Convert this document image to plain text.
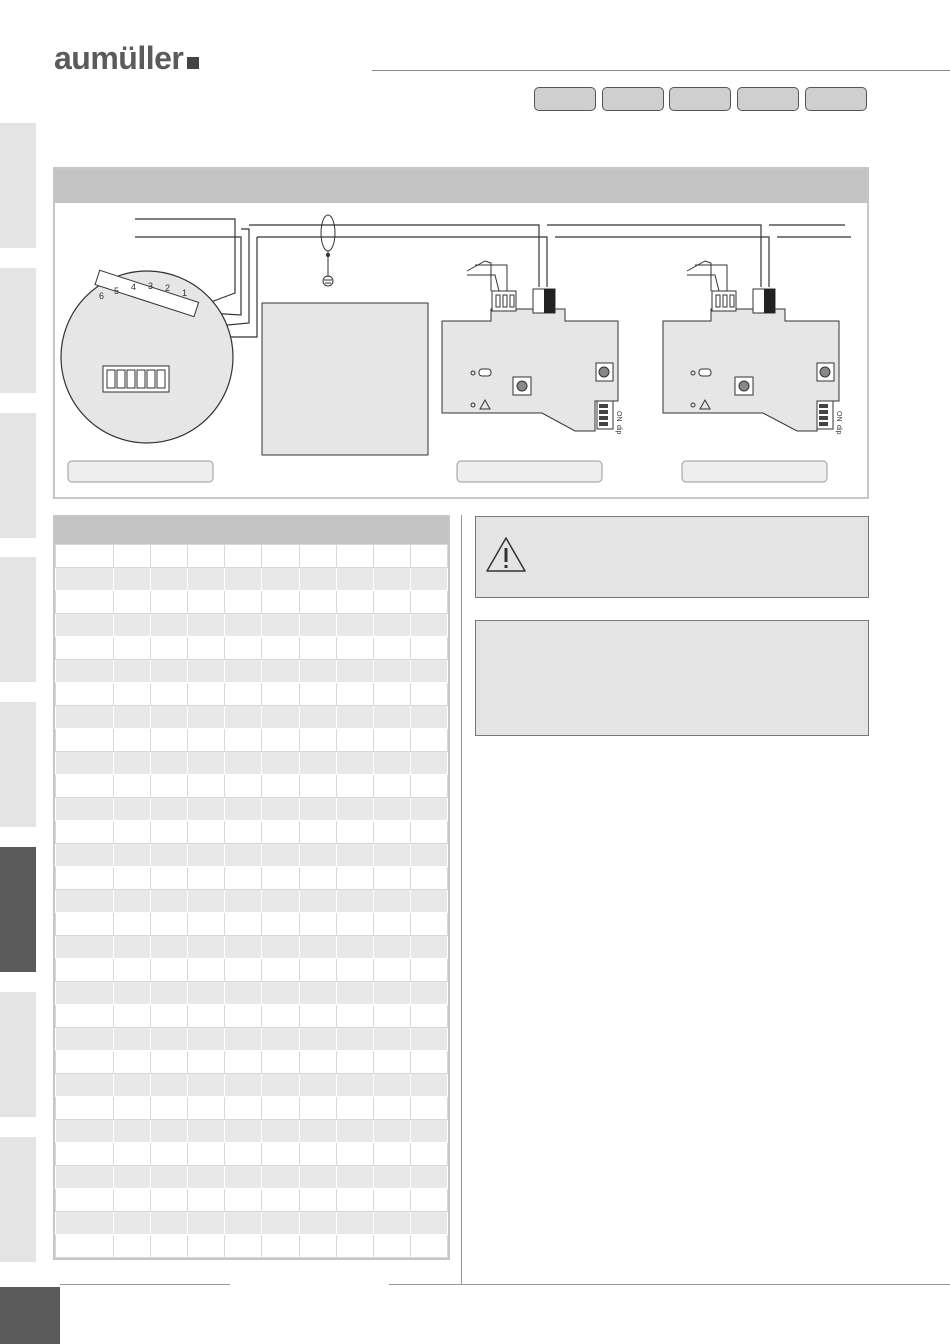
aumüller
6 5 4 3 2 1
ON
dip
ON
dip
